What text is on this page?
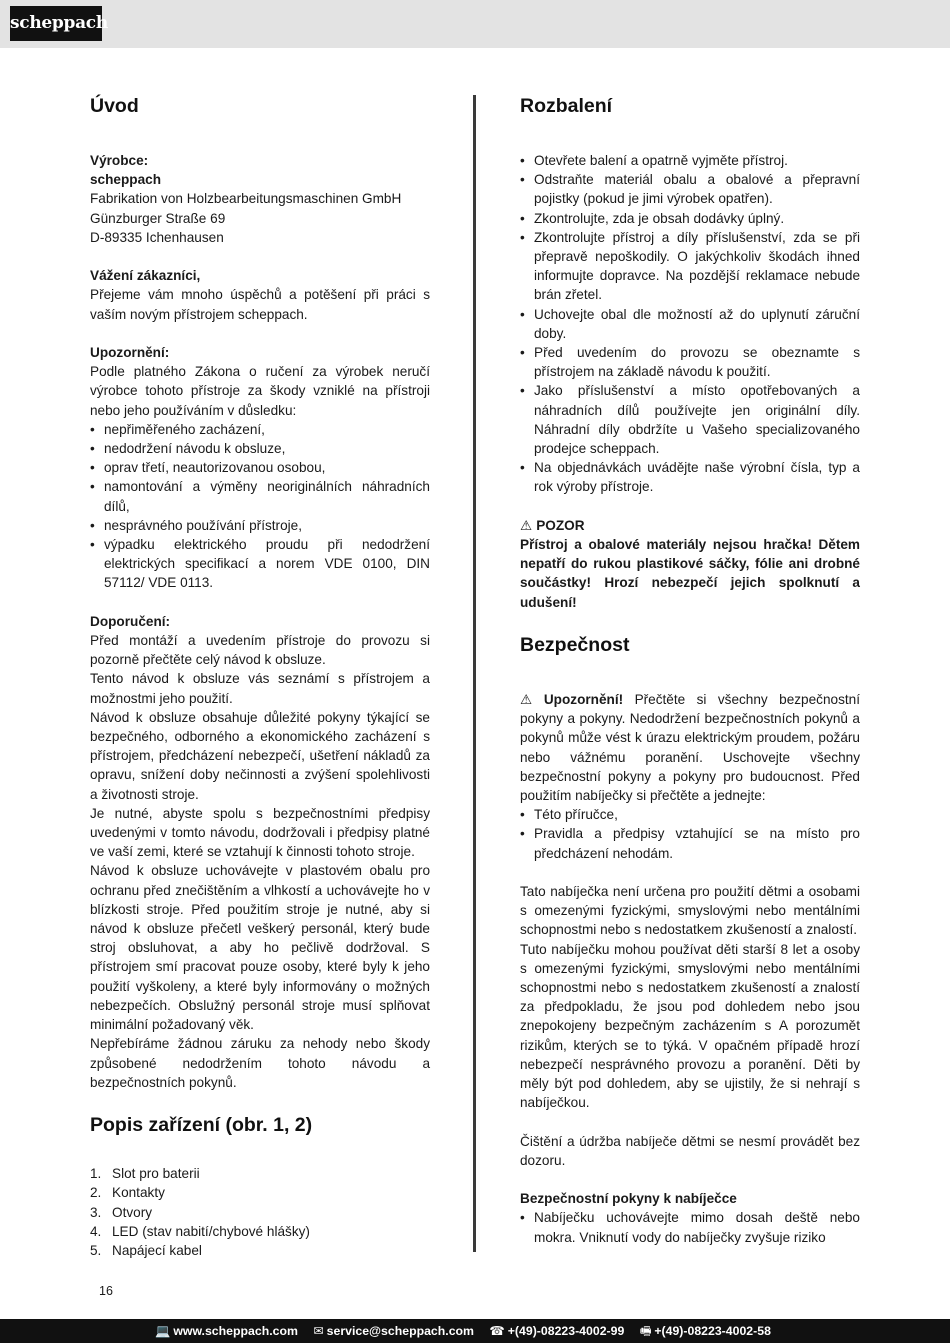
scheppach
Úvod

Výrobce:

scheppach

Fabrikation von Holzbearbeitungsmaschinen GmbH

Günzburger Straße 69

D-89335 Ichenhausen

Vážení zákazníci,

Přejeme vám mnoho úspěchů a potěšení při práci s vaším novým přístrojem scheppach.

Upozornění:

Podle platného Zákona o ručení za výrobek neručí výrobce tohoto přístroje za škody vzniklé na přístroji nebo jeho používáním v důsledku:

• nepřiměřeného zacházení,
• nedodržení návodu k obsluze,
• oprav třetí, neautorizovanou osobou,
• namontování a výměny neoriginálních náhradních dílů,
• nesprávného používání přístroje,
• výpadku elektrického proudu při nedodržení elektrických specifikací a norem VDE 0100, DIN 57112/ VDE 0113.

Doporučení:

Před montáží a uvedením přístroje do provozu si pozorně přečtěte celý návod k obsluze.

Tento návod k obsluze vás seznámí s přístrojem a možnostmi jeho použití.

Návod k obsluze obsahuje důležité pokyny týkající se bezpečného, odborného a ekonomického zacházení s přístrojem, předcházení nebezpečí, ušetření nákladů za opravu, snížení doby nečinnosti a zvýšení spolehlivosti a životnosti stroje.

Je nutné, abyste spolu s bezpečnostními předpisy uvedenými v tomto návodu, dodržovali i předpisy platné ve vaší zemi, které se vztahují k činnosti tohoto stroje.

Návod k obsluze uchovávejte v plastovém obalu pro ochranu před znečištěním a vlhkostí a uchovávejte ho v blízkosti stroje. Před použitím stroje je nutné, aby si návod k obsluze přečetl veškerý personál, který bude stroj obsluhovat, a aby ho pečlivě dodržoval. S přístrojem smí pracovat pouze osoby, které byly k jeho použití vyškoleny, a které byly informovány o možných nebezpečích. Obslužný personál stroje musí splňovat minimální požadovaný věk.

Nepřebíráme žádnou záruku za nehody nebo škody způsobené nedodržením tohoto návodu a bezpečnostních pokynů.

Popis zařízení (obr. 1, 2)
1. Slot pro baterii
2. Kontakty
3. Otvory
4. LED (stav nabití/chybové hlášky)
5. Napájecí kabel
Rozbalení
• Otevřete balení a opatrně vyjměte přístroj.
• Odstraňte materiál obalu a obalové a přepravní pojistky (pokud je jimi výrobek opatřen).
• Zkontrolujte, zda je obsah dodávky úplný.
• Zkontrolujte přístroj a díly příslušenství, zda se při přepravě nepoškodily. O jakýchkoliv škodách ihned informujte dopravce. Na pozdější reklamace nebude brán zřetel.
• Uchovejte obal dle možností až do uplynutí záruční doby.
• Před uvedením do provozu se obeznamte s přístrojem na základě návodu k použití.
• Jako příslušenství a místo opotřebovaných a náhradních dílů používejte jen originální díly. Náhradní díly obdržíte u Vašeho specializovaného prodejce scheppach.
• Na objednávkách uvádějte naše výrobní čísla, typ a rok výroby přístroje.

⚠ POZOR

Přístroj a obalové materiály nejsou hračka! Dětem nepatří do rukou plastikové sáčky, fólie ani drobné součástky! Hrozí nebezpečí jejich spolknutí a udušení!

Bezpečnost

⚠ Upozornění! Přečtěte si všechny bezpečnostní pokyny a pokyny. Nedodržení bezpečnostních pokynů a pokynů může vést k úrazu elektrickým proudem, požáru nebo vážnému poranění. Uschovejte všechny bezpečnostní pokyny a pokyny pro budoucnost. Před použitím nabíječky si přečtěte a jednejte:

• Této příručce,
• Pravidla a předpisy vztahující se na místo pro předcházení nehodám.

Tato nabíječka není určena pro použití dětmi a osobami s omezenými fyzickými, smyslovými nebo mentálními schopnostmi nebo s nedostatkem zkušeností a znalostí.

Tuto nabíječku mohou používat děti starší 8 let a osoby s omezenými fyzickými, smyslovými nebo mentálními schopnostmi nebo s nedostatkem zkušeností a znalostí za předpokladu, že jsou pod dohledem nebo jsou znepokojeny bezpečným zacházením s A porozumět rizikům, kterých se to týká. V opačném případě hrozí nebezpečí nesprávného provozu a poranění. Děti by měly být pod dohledem, aby se ujistily, že si nehrají s nabíječkou.

Čištění a údržba nabíječe dětmi se nesmí provádět bez dozoru.

Bezpečnostní pokyny k nabíječce

• Nabíječku uchovávejte mimo dosah deště nebo mokra. Vniknutí vody do nabíječky zvyšuje riziko
16
💻 www.scheppach.com ✉ service@scheppach.com ☎ +(49)-08223-4002-99 🖷 +(49)-08223-4002-58
